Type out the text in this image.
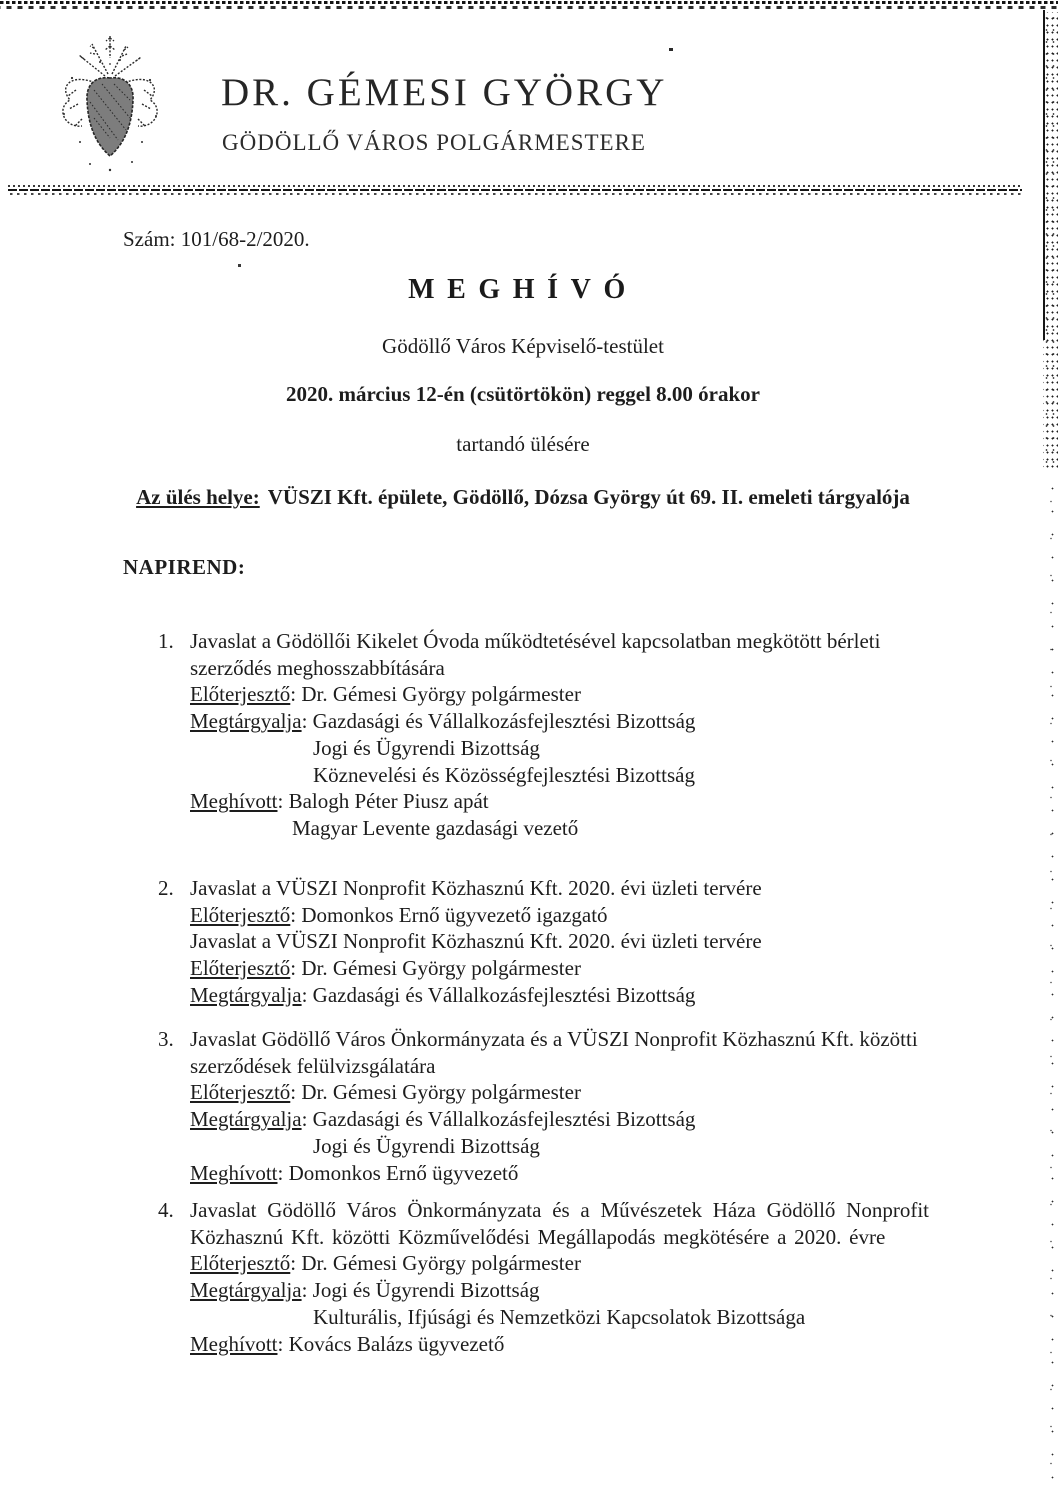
DR. GÉMESI GYÖRGY
GÖDÖLLŐ VÁROS POLGÁRMESTERE
Szám: 101/68-2/2020.
MEGHÍVÓ
Gödöllő Város Képviselő-testület
2020. március 12-én (csütörtökön) reggel 8.00 órakor
tartandó ülésére
Az ülés helye: VÜSZI Kft. épülete, Gödöllő, Dózsa György út 69. II. emeleti tárgyalója
NAPIREND:
1. Javaslat a Gödöllői Kikelet Óvoda működtetésével kapcsolatban megkötött bérleti
szerződés meghosszabbítására
Előterjesztő: Dr. Gémesi György polgármester
Megtárgyalja: Gazdasági és Vállalkozásfejlesztési Bizottság
Jogi és Ügyrendi Bizottság
Köznevelési és Közösségfejlesztési Bizottság
Meghívott: Balogh Péter Piusz apát
Magyar Levente gazdasági vezető
2. Javaslat a VÜSZI Nonprofit Közhasznú Kft. 2020. évi üzleti tervére
Előterjesztő: Domonkos Ernő ügyvezető igazgató
Javaslat a VÜSZI Nonprofit Közhasznú Kft. 2020. évi üzleti tervére
Előterjesztő: Dr. Gémesi György polgármester
Megtárgyalja: Gazdasági és Vállalkozásfejlesztési Bizottság
3. Javaslat Gödöllő Város Önkormányzata és a VÜSZI Nonprofit Közhasznú Kft. közötti
szerződések felülvizsgálatára
Előterjesztő: Dr. Gémesi György polgármester
Megtárgyalja: Gazdasági és Vállalkozásfejlesztési Bizottság
Jogi és Ügyrendi Bizottság
Meghívott: Domonkos Ernő ügyvezető
4. Javaslat Gödöllő Város Önkormányzata és a Művészetek Háza Gödöllő Nonprofit
Közhasznú Kft. közötti Közművelődési Megállapodás megkötésére a 2020. évre
Előterjesztő: Dr. Gémesi György polgármester
Megtárgyalja: Jogi és Ügyrendi Bizottság
Kulturális, Ifjúsági és Nemzetközi Kapcsolatok Bizottsága
Meghívott: Kovács Balázs ügyvezető
